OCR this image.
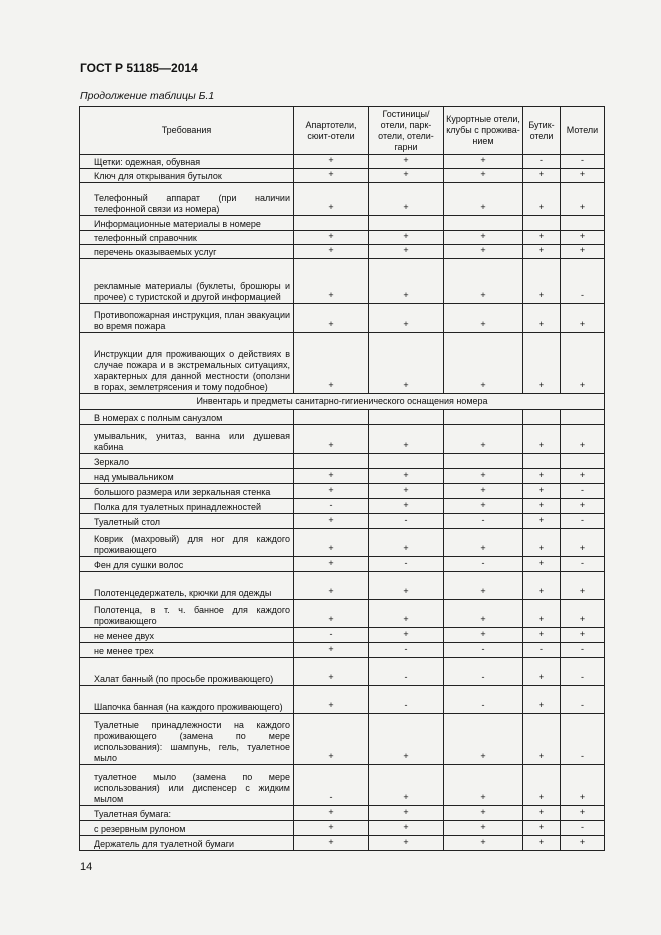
ГОСТ Р 51185—2014
Продолжение таблицы Б.1
Требования	Апартотели, сюит-отели	Гостиницы/ отели, парк-отели, отели-гарни	Курортные отели, клубы с прожива-нием	Бутик-отели	Мотели
Щетки: одежная, обувная	+	+	+	-	-
Ключ для открывания бутылок	+	+	+	+	+
Телефонный аппарат (при наличии телефонной связи из номера)	+	+	+	+	+
Информационные материалы в номере					
телефонный справочник	+	+	+	+	+
перечень оказываемых услуг	+	+	+	+	+
рекламные материалы (буклеты, брошюры и прочее) с туристской и другой информацией	+	+	+	+	-
Противопожарная инструкция, план эвакуации во время пожара	+	+	+	+	+
Инструкции для проживающих о действиях в случае пожара и в экстремальных ситуациях, характерных для данной местности (оползни в горах, землетрясения и тому подобное)	+	+	+	+	+
Инвентарь и предметы санитарно-гигиенического оснащения номера					
В номерах с полным санузлом					
умывальник, унитаз, ванна или душевая кабина	+	+	+	+	+
Зеркало					
над умывальником	+	+	+	+	+
большого размера или зеркальная стенка	+	+	+	+	-
Полка для туалетных принадлежностей	-	+	+	+	+
Туалетный стол	+	-	-	+	-
Коврик (махровый) для ног для каждого проживающего	+	+	+	+	+
Фен для сушки волос	+	-	-	+	-
Полотенцедержатель, крючки для одежды	+	+	+	+	+
Полотенца, в т. ч. банное для каждого проживающего	+	+	+	+	+
не менее двух	-	+	+	+	+
не менее трех	+	-	-	-	-
Халат банный (по просьбе проживающего)	+	-	-	+	-
Шапочка банная (на каждого проживающего)	+	-	-	+	-
Туалетные принадлежности на каждого проживающего (замена по мере использования): шампунь, гель, туалетное мыло	+	+	+	+	-
туалетное мыло (замена по мере использования) или диспенсер с жидким мылом	-	+	+	+	+
Туалетная бумага:	+	+	+	+	+
с резервным рулоном	+	+	+	+	-
Держатель для туалетной бумаги	+	+	+	+	+
14
